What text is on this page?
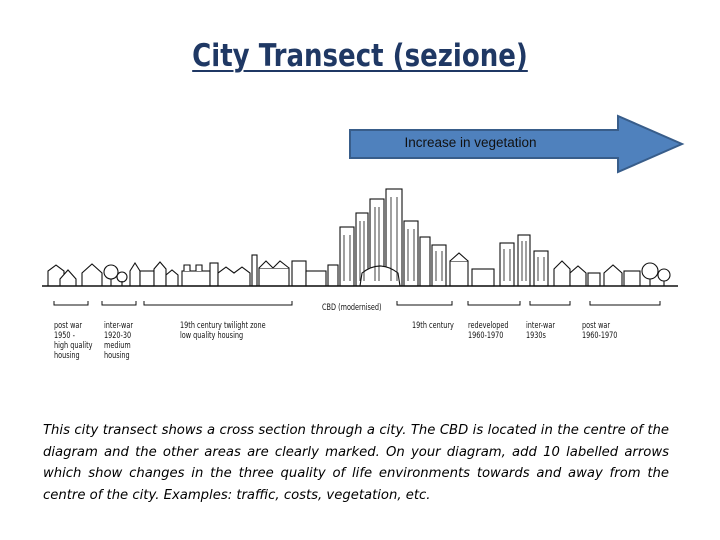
City Transect (sezione)
Increase in vegetation
post war
1950 -
high quality
housing
inter-war
1920-30
medium
housing
19th century twilight zone
low quality housing
CBD (modernised)
19th century redeveloped
1960-1970
inter-war
1930s
post war
1960-1970
This city transect shows a cross section through a city. The CBD is located in the centre of the diagram and the other areas are clearly marked. On your diagram, add 10 labelled arrows which show changes in the three quality of life environments towards and away from the centre of the city. Examples: traffic, costs, vegetation, etc.
